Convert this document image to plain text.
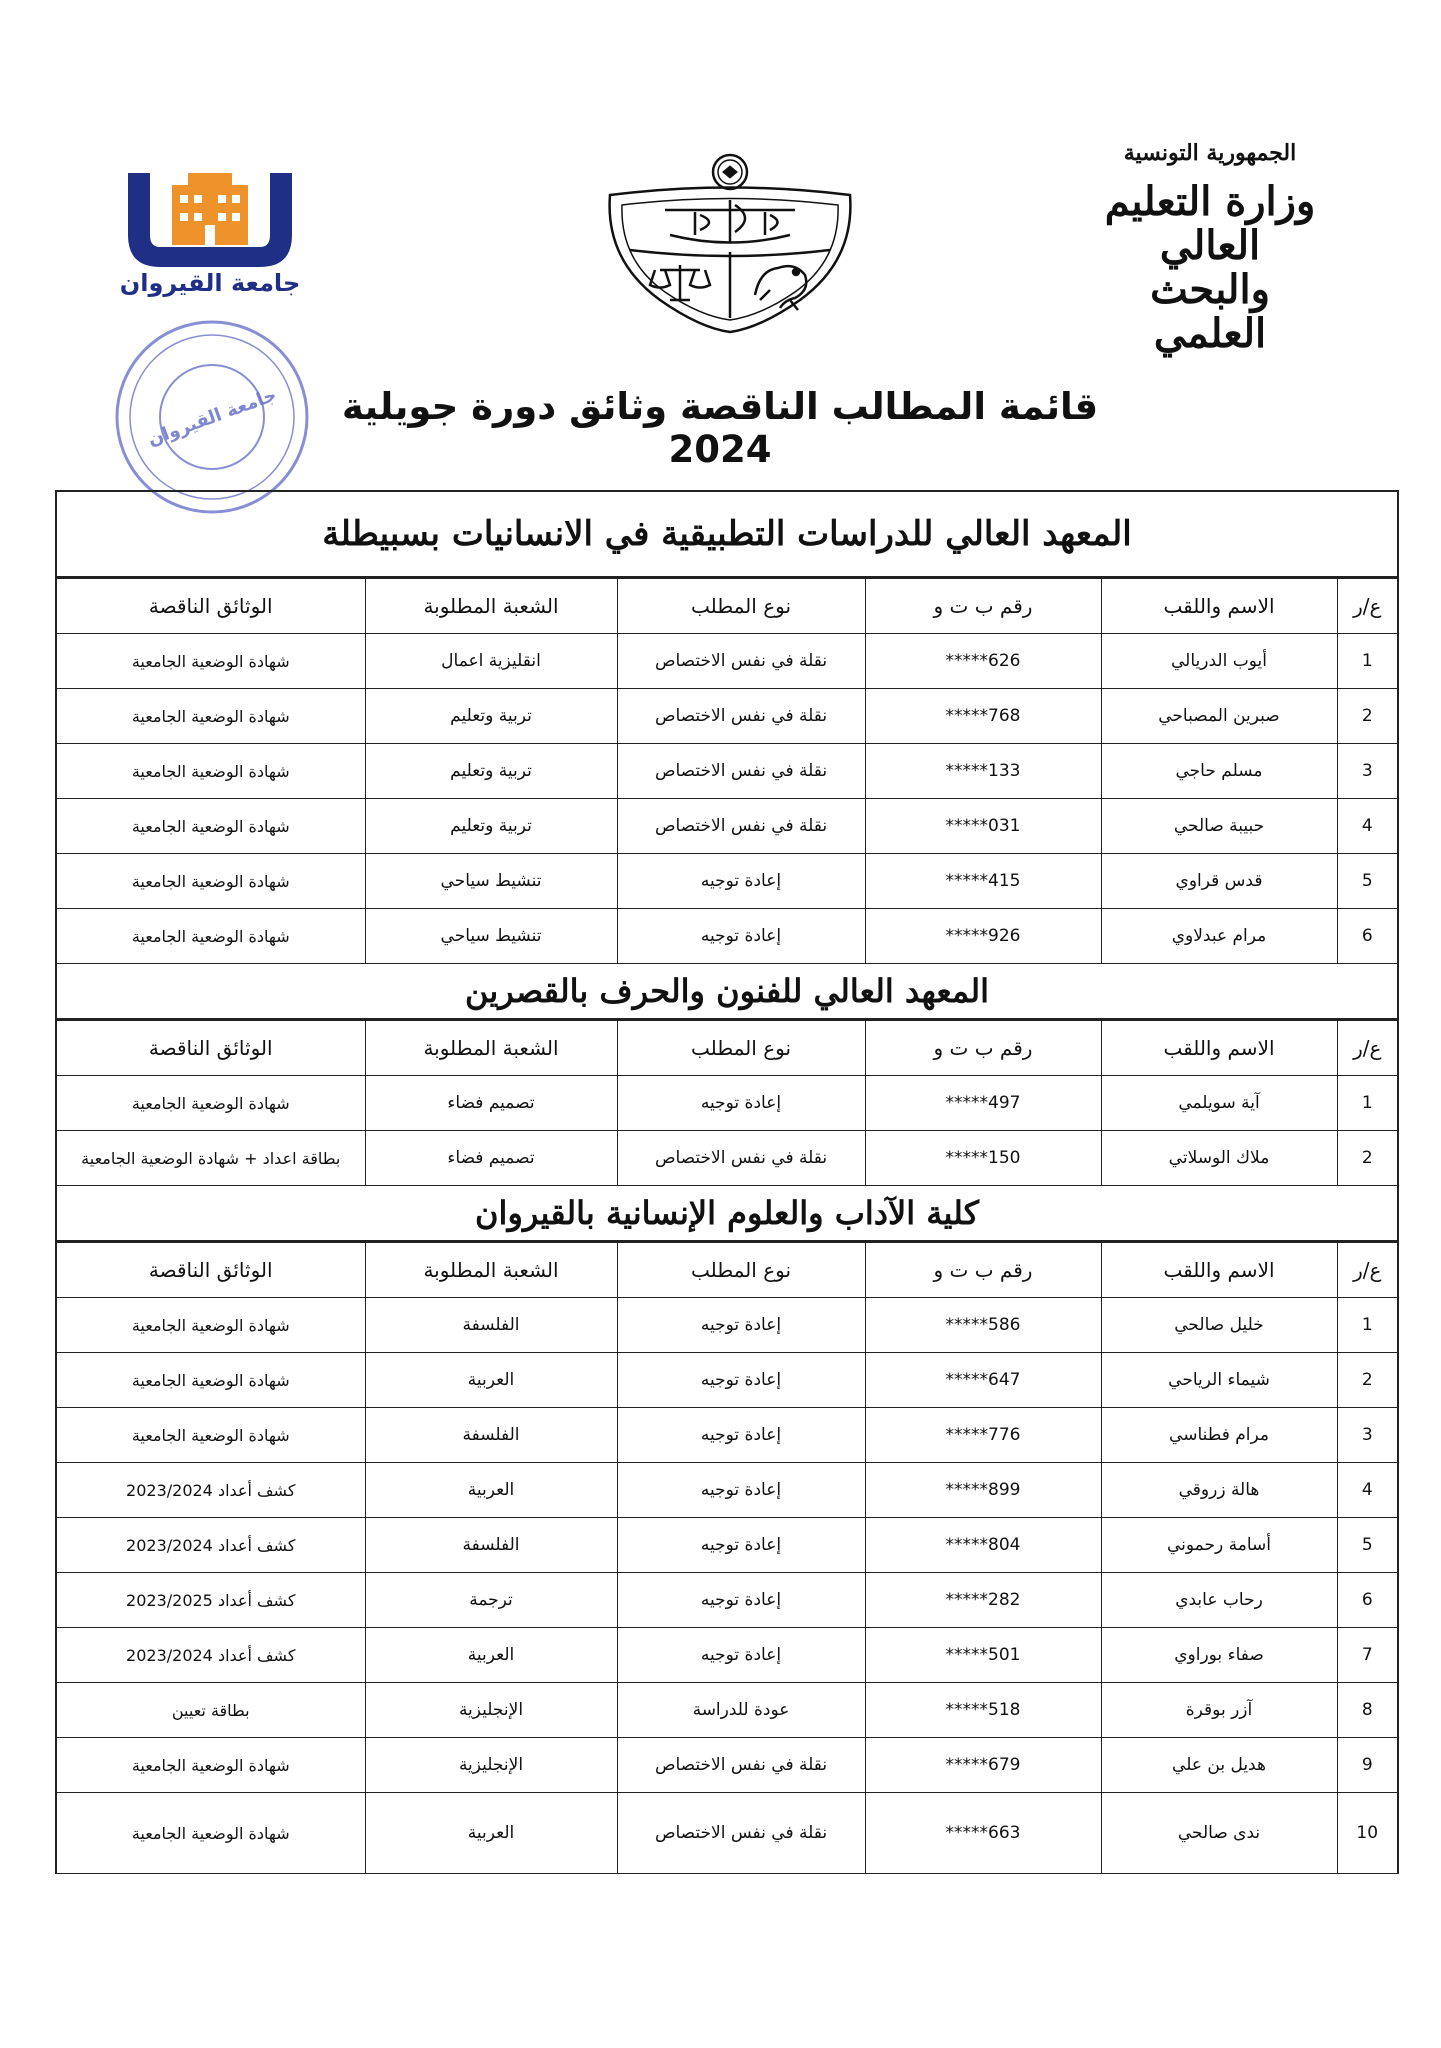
الجمهورية التونسية
وزارة التعليم العالي
والبحث العلمي
جامعة القيروان
جامعة القيروان	قائمة المطالب الناقصة وثائق دورة جويلية 2024
المعهد العالي للدراسات التطبيقية في الانسانيات بسبيطلة
ع/ر	الاسم واللقب	رقم ب ت و	نوع المطلب	الشعبة المطلوبة	الوثائق الناقصة
1	أيوب الدريالي	*****626	نقلة في نفس الاختصاص	انقليزية اعمال	شهادة الوضعية الجامعية
2	صبرين المصباحي	*****768	نقلة في نفس الاختصاص	تربية وتعليم	شهادة الوضعية الجامعية
3	مسلم حاجي	*****133	نقلة في نفس الاختصاص	تربية وتعليم	شهادة الوضعية الجامعية
4	حبيبة صالحي	*****031	نقلة في نفس الاختصاص	تربية وتعليم	شهادة الوضعية الجامعية
5	قدس قراوي	*****415	إعادة توجيه	تنشيط سياحي	شهادة الوضعية الجامعية
6	مرام عبدلاوي	*****926	إعادة توجيه	تنشيط سياحي	شهادة الوضعية الجامعية
المعهد العالي للفنون والحرف بالقصرين
ع/ر	الاسم واللقب	رقم ب ت و	نوع المطلب	الشعبة المطلوبة	الوثائق الناقصة
1	آية سويلمي	*****497	إعادة توجيه	تصميم فضاء	شهادة الوضعية الجامعية
2	ملاك الوسلاتي	*****150	نقلة في نفس الاختصاص	تصميم فضاء	بطاقة اعداد + شهادة الوضعية الجامعية
كلية الآداب والعلوم الإنسانية بالقيروان
ع/ر	الاسم واللقب	رقم ب ت و	نوع المطلب	الشعبة المطلوبة	الوثائق الناقصة
1	خليل صالحي	*****586	إعادة توجيه	الفلسفة	شهادة الوضعية الجامعية
2	شيماء الرياحي	*****647	إعادة توجيه	العربية	شهادة الوضعية الجامعية
3	مرام فطناسي	*****776	إعادة توجيه	الفلسفة	شهادة الوضعية الجامعية
4	هالة زروقي	*****899	إعادة توجيه	العربية	كشف أعداد 2023/2024
5	أسامة رحموني	*****804	إعادة توجيه	الفلسفة	كشف أعداد 2023/2024
6	رحاب عابدي	*****282	إعادة توجيه	ترجمة	كشف أعداد 2023/2025
7	صفاء بوراوي	*****501	إعادة توجيه	العربية	كشف أعداد 2023/2024
8	آزر بوقرة	*****518	عودة للدراسة	الإنجليزية	بطاقة تعيين
9	هديل بن علي	*****679	نقلة في نفس الاختصاص	الإنجليزية	شهادة الوضعية الجامعية
10	ندى صالحي	*****663	نقلة في نفس الاختصاص	العربية	شهادة الوضعية الجامعية
